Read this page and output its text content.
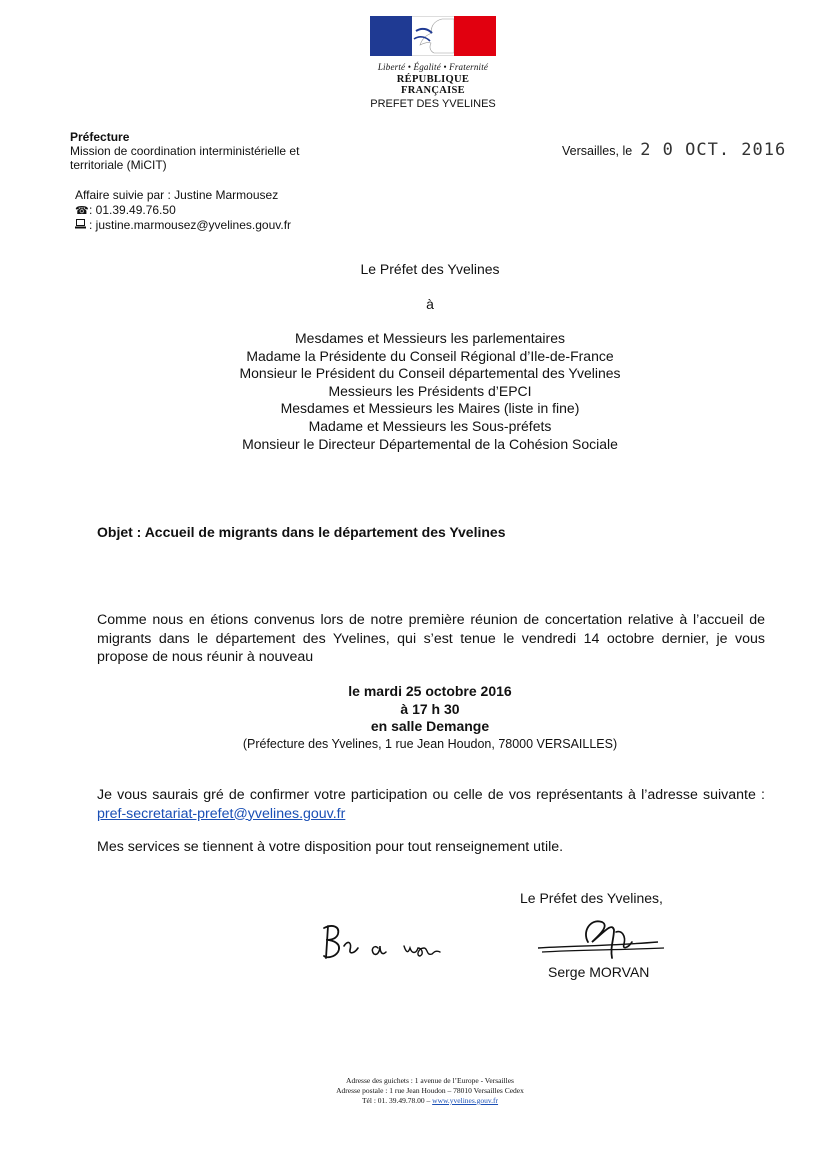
Liberté • Égalité • Fraternité
RÉPUBLIQUE FRANÇAISE
PREFET DES YVELINES
Préfecture
Mission de coordination interministérielle et
territoriale (MiCIT)
Affaire suivie par : Justine Marmousez
☎: 01.39.49.76.50
: justine.marmousez@yvelines.gouv.fr
Versailles, le 2 0 OCT. 2016
Le Préfet des Yvelines
à
Mesdames et Messieurs les parlementaires
Madame la Présidente du Conseil Régional d’Ile-de-France
Monsieur le Président du Conseil départemental des Yvelines
Messieurs les Présidents d’EPCI
Mesdames et Messieurs les Maires (liste in fine)
Madame et Messieurs les Sous-préfets
Monsieur le Directeur Départemental de la Cohésion Sociale
Objet : Accueil de migrants dans le département des Yvelines
Comme nous en étions convenus lors de notre première réunion de concertation relative à l’accueil de migrants dans le département des Yvelines, qui s’est tenue le vendredi 14 octobre dernier, je vous propose de nous réunir à nouveau
le mardi 25 octobre 2016
à 17 h 30
en salle Demange
(Préfecture des Yvelines, 1 rue Jean Houdon, 78000 VERSAILLES)
Je vous saurais gré de confirmer votre participation ou celle de vos représentants à l’adresse suivante : pref-secretariat-prefet@yvelines.gouv.fr
Mes services se tiennent à votre disposition pour tout renseignement utile.
Le Préfet des Yvelines,
Serge MORVAN
Adresse des guichets : 1 avenue de l’Europe - Versailles
Adresse postale : 1 rue Jean Houdon – 78010 Versailles Cedex
Tél : 01. 39.49.78.00 – www.yvelines.gouv.fr
